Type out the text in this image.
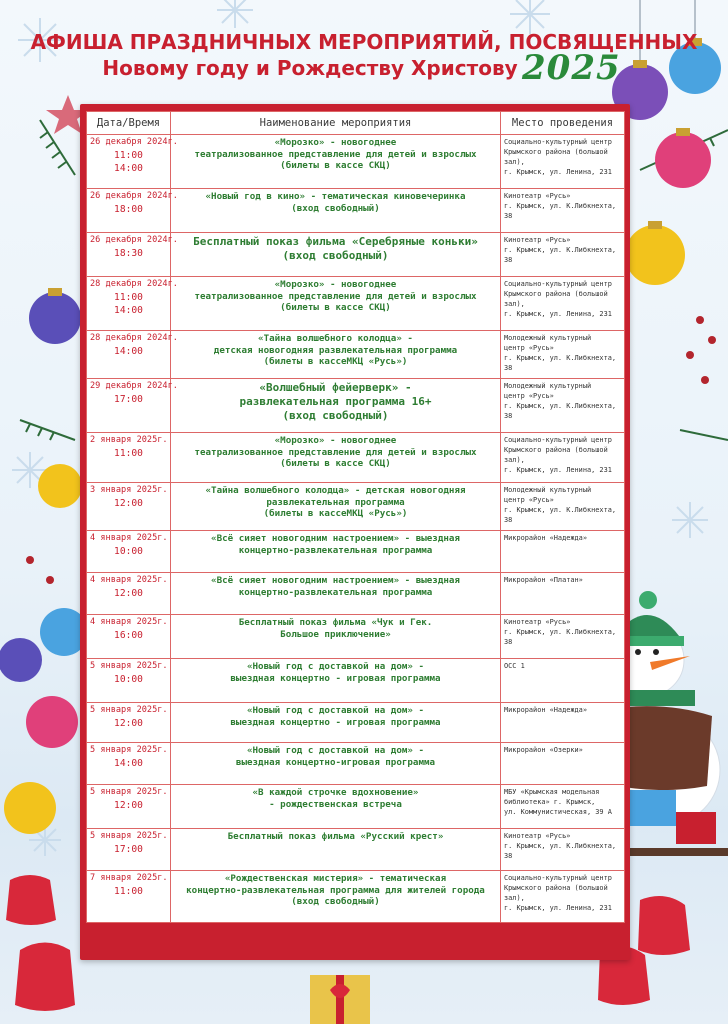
АФИША ПРАЗДНИЧНЫХ МЕРОПРИЯТИЙ, ПОСВЯЩЕННЫХ
Новому году и Рождеству Христову 2025
Дата/Время	Наименование мероприятия	Место проведения

26 декабря 2024г.
11:00
14:00	«Морозко» - новогоднее
театрализованное представление для детей и взрослых
(билеты в кассе СКЦ)	Социально-культурный центр
Крымского района (большой зал),
г. Крымск, ул. Ленина, 231

26 декабря 2024г.
18:00	«Новый год в кино» - тематическая киновечеринка
(вход свободный)	Кинотеатр «Русь»
г. Крымск, ул. К.Либкнехта, 38

26 декабря 2024г.
18:30	Бесплатный показ фильма «Серебряные коньки»
(вход свободный)	Кинотеатр «Русь»
г. Крымск, ул. К.Либкнехта, 38

28 декабря 2024г.
11:00
14:00	«Морозко» - новогоднее
театрализованное представление для детей и взрослых
(билеты в кассе СКЦ)	Социально-культурный центр
Крымского района (большой зал),
г. Крымск, ул. Ленина, 231

28 декабря 2024г.
14:00	«Тайна волшебного колодца» -
детская новогодняя развлекательная программа
(билеты в кассеМКЦ «Русь»)	Молодежный культурный
центр «Русь»
г. Крымск, ул. К.Либкнехта, 38

29 декабря 2024г.
17:00	«Волшебный фейерверк» -
развлекательная программа 16+
(вход свободный)	Молодежный культурный
центр «Русь»
г. Крымск, ул. К.Либкнехта, 38

2 января 2025г.
11:00	«Морозко» - новогоднее
театрализованное представление для детей и взрослых
(билеты в кассе СКЦ)	Социально-культурный центр
Крымского района (большой зал),
г. Крымск, ул. Ленина, 231

3 января 2025г.
12:00	«Тайна волшебного колодца» - детская новогодняя
развлекательная программа
(билеты в кассеМКЦ «Русь»)	Молодежный культурный
центр «Русь»
г. Крымск, ул. К.Либкнехта, 38

4 января 2025г.
10:00	«Всё сияет новогодним настроением» - выездная
концертно-развлекательная программа	Микрорайон «Надежда»

4 января 2025г.
12:00	«Всё сияет новогодним настроением» - выездная
концертно-развлекательная программа	Микрорайон «Платан»

4 января 2025г.
16:00	Бесплатный показ фильма «Чук и Гек.
Большое приключение»	Кинотеатр «Русь»
г. Крымск, ул. К.Либкнехта, 38

5 января 2025г.
10:00	«Новый год с доставкой на дом» -
выездная концертно - игровая программа	ОСС 1

5 января 2025г.
12:00	«Новый год с доставкой на дом» -
выездная концертно - игровая программа	Микрорайон «Надежда»

5 января 2025г.
14:00	«Новый год с доставкой на дом» -
выездная концертно-игровая программа	Микрорайон «Озерки»

5 января 2025г.
12:00	«В каждой строчке вдохновение»
- рождественская встреча	МБУ «Крымская модельная
библиотека» г. Крымск,
ул. Коммунистическая, 39 А

5 января 2025г.
17:00	Бесплатный показ фильма «Русский крест»	Кинотеатр «Русь»
г. Крымск, ул. К.Либкнехта, 38

7 января 2025г.
11:00	«Рождественская мистерия» - тематическая
концертно-развлекательная программа для жителей города
(вход свободный)	Социально-культурный центр
Крымского района (большой зал),
г. Крымск, ул. Ленина, 231
